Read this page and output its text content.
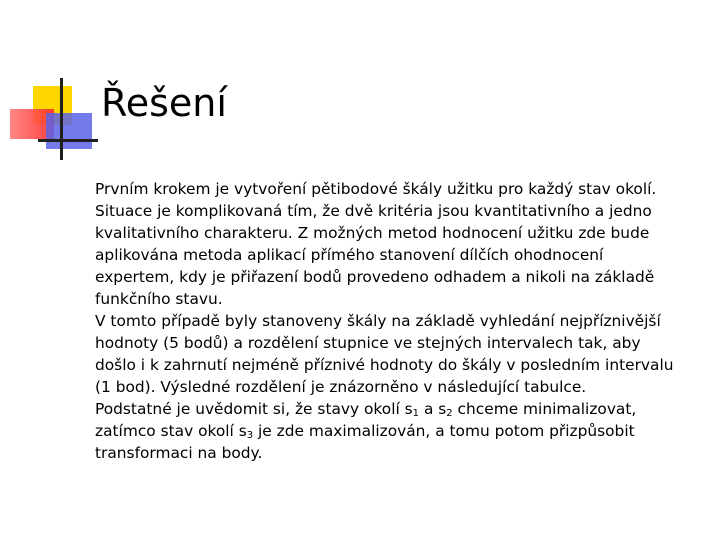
Řešení

Prvním krokem je vytvoření pětibodové škály užitku pro každý stav okolí. Situace je komplikovaná tím, že dvě kritéria jsou kvantitativního a jedno kvalitativního charakteru. Z možných metod hodnocení užitku zde bude aplikována metoda aplikací přímého stanovení dílčích ohodnocení expertem, kdy je přiřazení bodů provedeno odhadem a nikoli na základě funkčního stavu.

V tomto případě byly stanoveny škály na základě vyhledání nejpříznivější hodnoty (5 bodů) a rozdělení stupnice ve stejných intervalech tak, aby došlo i k zahrnutí nejméně příznivé hodnoty do škály v posledním intervalu (1 bod). Výsledné rozdělení je znázorněno v následující tabulce.

Podstatné je uvědomit si, že stavy okolí $s_1$ a $s_2$ chceme minimalizovat, zatímco stav okolí $s_3$ je zde maximalizován, a tomu potom přizpůsobit transformaci na body.
